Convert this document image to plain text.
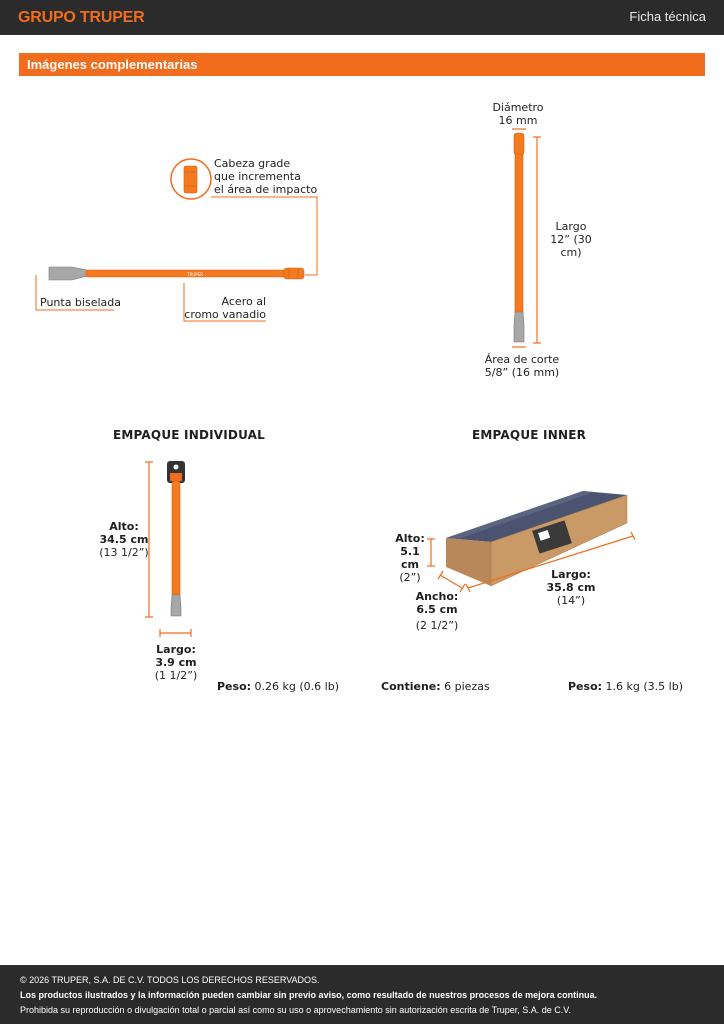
GRUPO TRUPER	Ficha técnica
Imágenes complementarias
TRUPER
Cabeza grade
que incrementa
el área de impacto
Punta biselada	Acero al
cromo vanadio
Diámetro
16 mm
Largo
12” (30 cm)
Área de corte
5/8” (16 mm)
EMPAQUE INDIVIDUAL
Alto:
34.5 cm
(13 1/2”)
Largo:
3.9 cm
(1 1/2”)
Peso: 0.26 kg (0.6 lb)
EMPAQUE INNER
Alto:
5.1 cm
(2”)
Ancho:
6.5 cm
(2 1/2”)
Largo:
35.8 cm
(14”)
Contiene: 6 piezas	Peso: 1.6 kg (3.5 lb)
© 2026 TRUPER, S.A. DE C.V. TODOS LOS DERECHOS RESERVADOS.
Los productos ilustrados y la información pueden cambiar sin previo aviso, como resultado de nuestros procesos de mejora continua.
Prohibida su reproducción o divulgación total o parcial así como su uso o aprovechamiento sin autorización escrita de Truper, S.A. de C.V.
